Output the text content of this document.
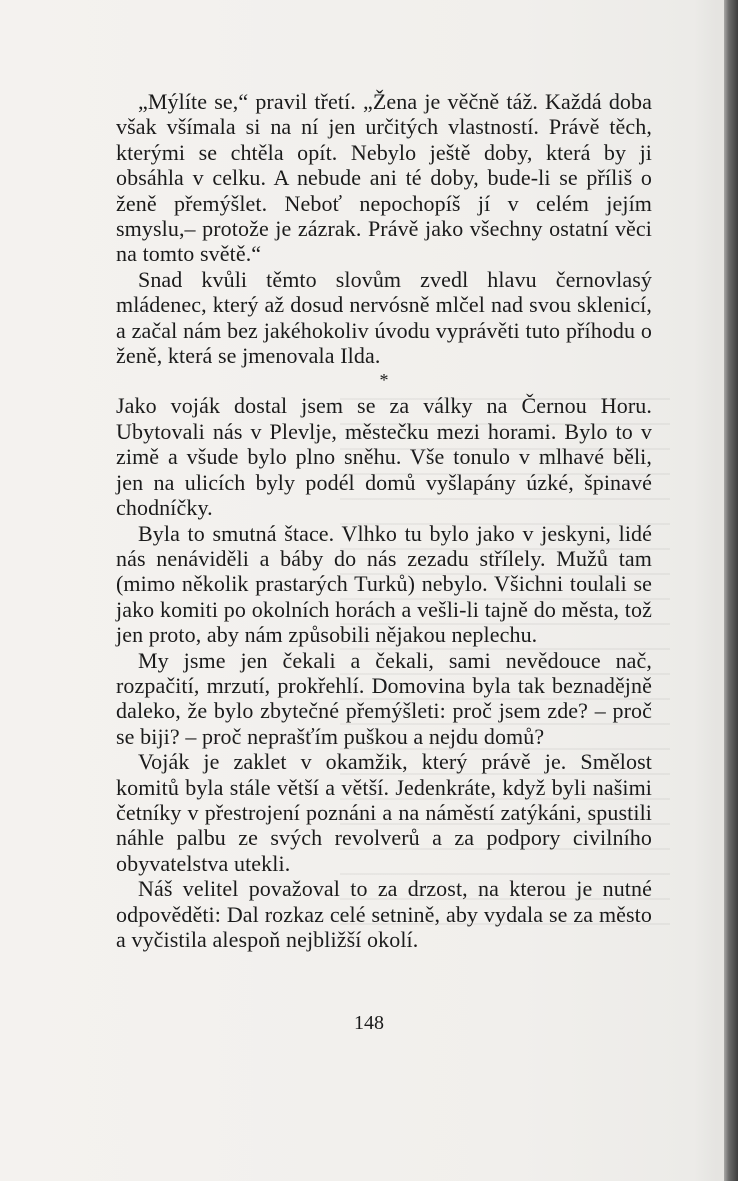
„Mýlíte se,“ pravil třetí. „Žena je věčně táž. Každá doba však všímala si na ní jen určitých vlastností. Právě těch, kterými se chtěla opít. Nebylo ještě doby, která by ji obsáhla v celku. A nebude ani té doby, bude-li se příliš o ženě přemýšlet. Neboť nepochopíš jí v celém jejím smyslu,– protože je zázrak. Právě jako všechny ostatní věci na tomto světě.“

Snad kvůli těmto slovům zvedl hlavu černovlasý mládenec, který až dosud nervósně mlčel nad svou sklenicí, a začal nám bez jakéhokoliv úvodu vyprávěti tuto příhodu o ženě, která se jmenovala Ilda.

*

Jako voják dostal jsem se za války na Černou Horu. Ubytovali nás v Plevlje, městečku mezi horami. Bylo to v zimě a všude bylo plno sněhu. Vše tonulo v mlhavé běli, jen na ulicích byly podél domů vyšlapány úzké, špinavé chodníčky.

Byla to smutná štace. Vlhko tu bylo jako v jeskyni, lidé nás nenáviděli a báby do nás zezadu střílely. Mužů tam (mimo několik prastarých Turků) nebylo. Všichni toulali se jako komiti po okolních horách a vešli-li tajně do města, tož jen proto, aby nám způsobili nějakou neplechu.

My jsme jen čekali a čekali, sami nevědouce nač, rozpačití, mrzutí, prokřehlí. Domovina byla tak beznadějně daleko, že bylo zbytečné přemýšleti: proč jsem zde? – proč se biji? – proč neprašťím puškou a nejdu domů?

Voják je zaklet v okamžik, který právě je. Smělost komitů byla stále větší a větší. Jedenkráte, když byli našimi četníky v přestrojení poznáni a na náměstí zatýkáni, spustili náhle palbu ze svých revolverů a za podpory civilního obyvatelstva utekli.

Náš velitel považoval to za drzost, na kterou je nutné odpověděti: Dal rozkaz celé setnině, aby vydala se za město a vyčistila alespoň nejbližší okolí.

148
